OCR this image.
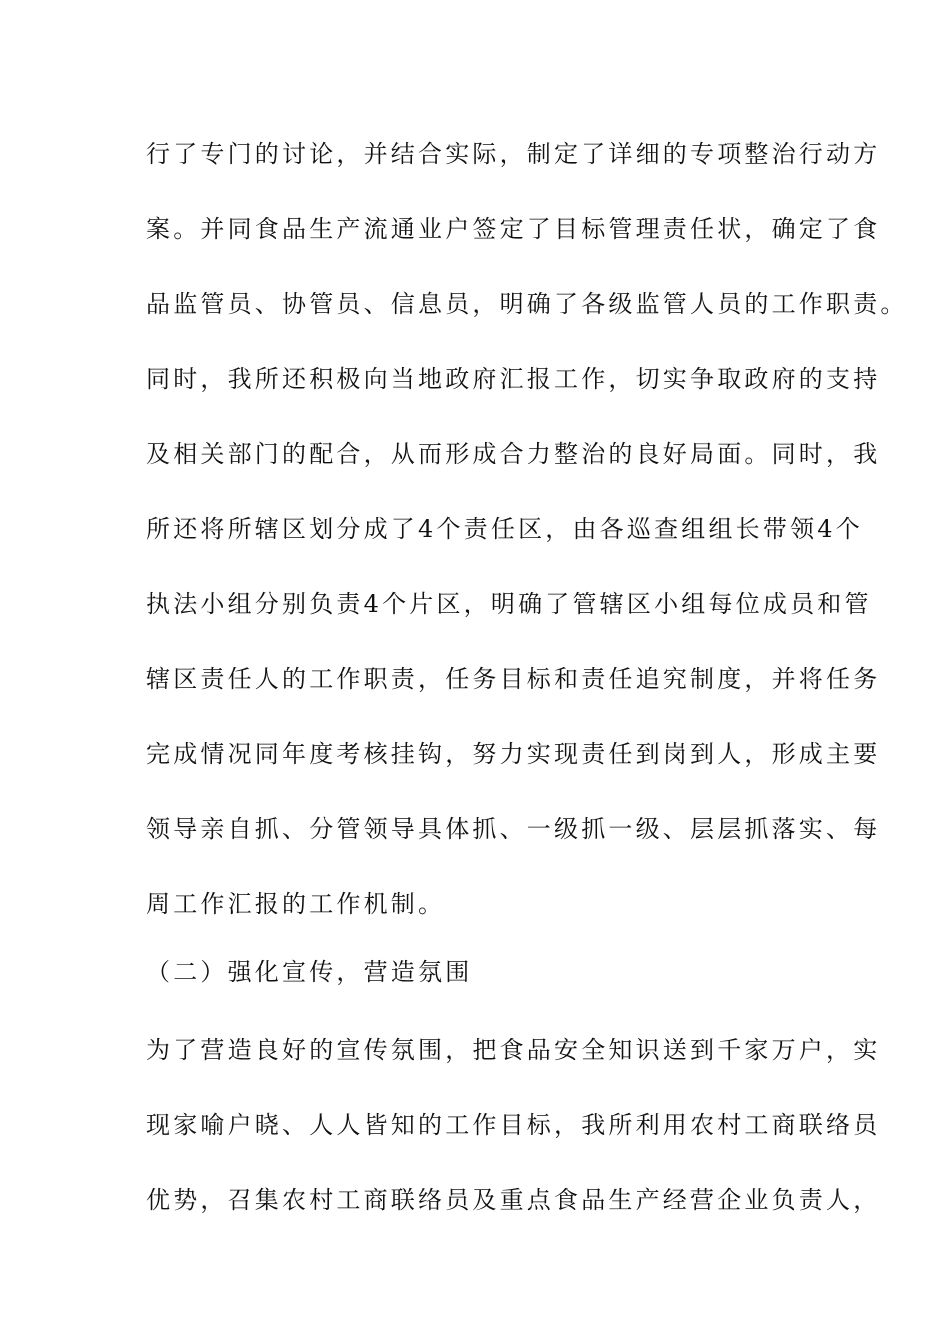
行了专门的讨论，并结合实际，制定了详细的专项整治行动方
案。并同食品生产流通业户签定了目标管理责任状，确定了食
品监管员、协管员、信息员，明确了各级监管人员的工作职责。
同时，我所还积极向当地政府汇报工作，切实争取政府的支持
及相关部门的配合，从而形成合力整治的良好局面。同时，我
所还将所辖区划分成了4个责任区，由各巡查组组长带领4个
执法小组分别负责4个片区，明确了管辖区小组每位成员和管
辖区责任人的工作职责，任务目标和责任追究制度，并将任务
完成情况同年度考核挂钩，努力实现责任到岗到人，形成主要
领导亲自抓、分管领导具体抓、一级抓一级、层层抓落实、每
周工作汇报的工作机制。
（二）强化宣传，营造氛围
为了营造良好的宣传氛围，把食品安全知识送到千家万户，实
现家喻户晓、人人皆知的工作目标，我所利用农村工商联络员
优势，召集农村工商联络员及重点食品生产经营企业负责人，
